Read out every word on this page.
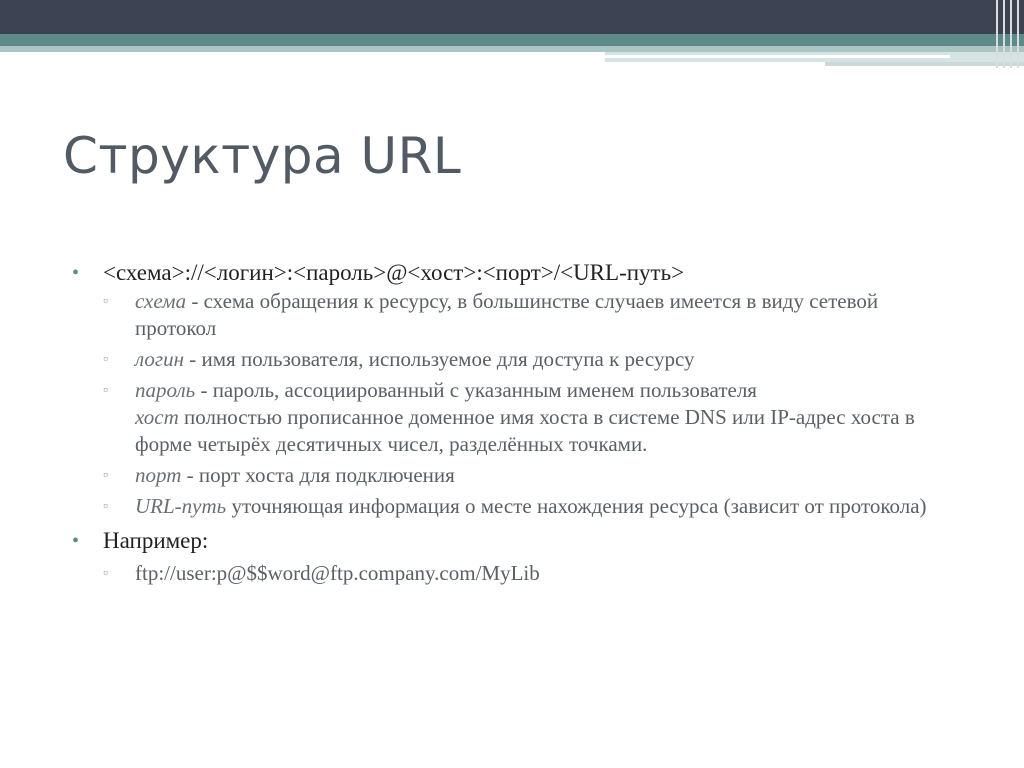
Структура URL
•	<схема>://<логин>:<пароль>@<хост>:<порт>/<URL-путь>
▫	схема - схема обращения к ресурсу, в большинстве случаев имеется в виду сетевой протокол
▫	логин - имя пользователя, используемое для доступа к ресурсу
▫	пароль - пароль, ассоциированный с указанным именем пользователя
хост полностью прописанное доменное имя хоста в системе DNS или IP-адрес хоста в форме четырёх десятичных чисел, разделённых точками.
▫	порт - порт хоста для подключения
▫	URL-путь уточняющая информация о месте нахождения ресурса (зависит от протокола)
•	Например:
▫	ftp://user:p@$$word@ftp.company.com/MyLib
